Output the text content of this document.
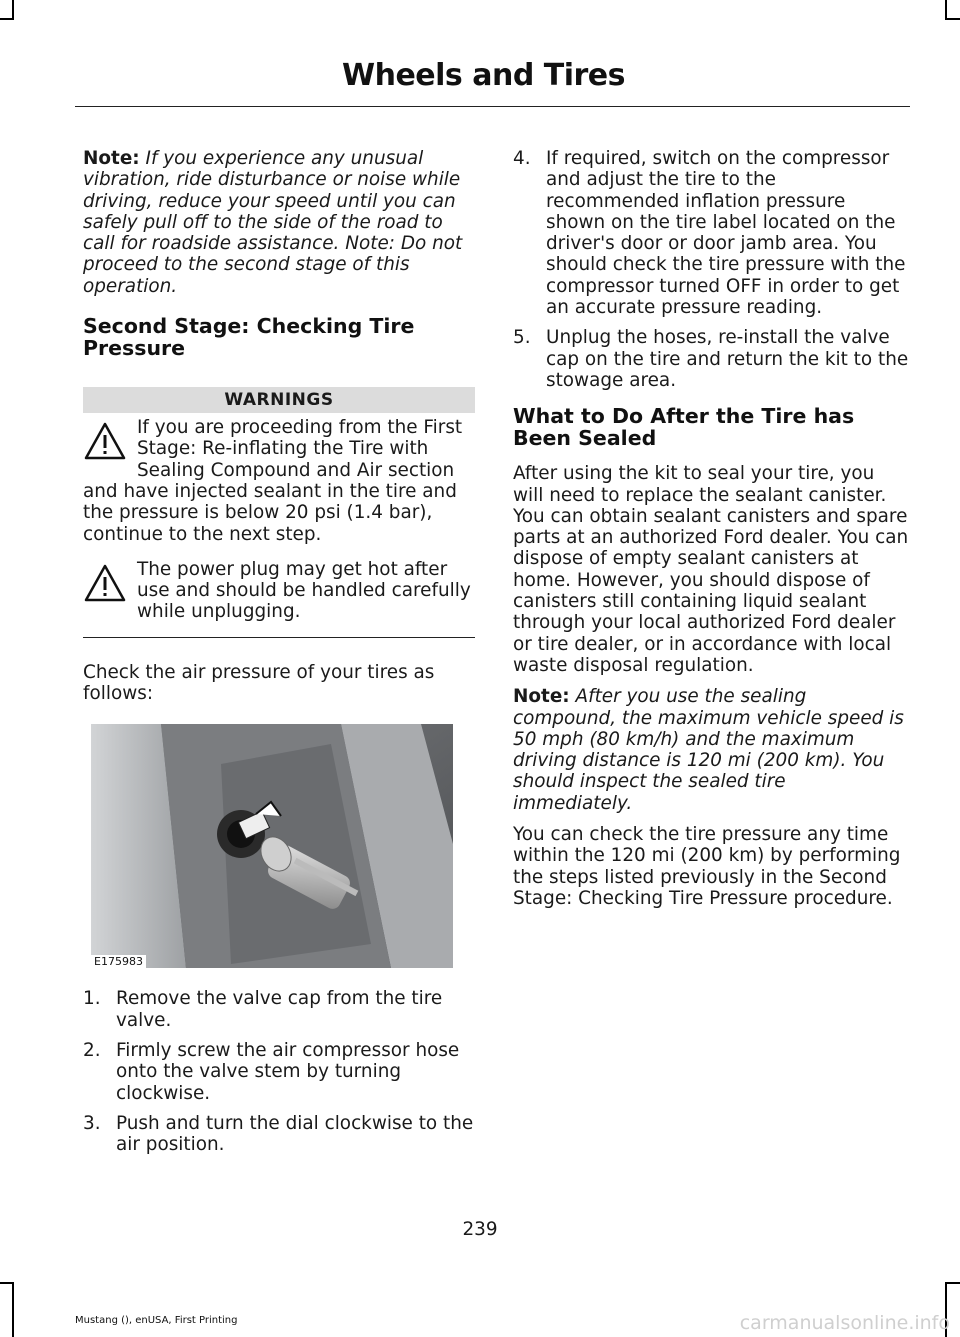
Wheels and Tires

Note: If you experience any unusual vibration, ride disturbance or noise while driving, reduce your speed until you can safely pull off to the side of the road to call for roadside assistance. Note: Do not proceed to the second stage of this operation.

Second Stage: Checking Tire Pressure
WARNINGS
If you are proceeding from the First Stage: Re-inflating the Tire with Sealing Compound and Air section and have injected sealant in the tire and the pressure is below 20 psi (1.4 bar), continue to the next step.
The power plug may get hot after use and should be handled carefully while unplugging.

Check the air pressure of your tires as follows:

E175983
1. Remove the valve cap from the tire valve.
2. Firmly screw the air compressor hose onto the valve stem by turning clockwise.
3. Push and turn the dial clockwise to the air position.
4. If required, switch on the compressor and adjust the tire to the recommended inflation pressure shown on the tire label located on the driver's door or door jamb area. You should check the tire pressure with the compressor turned OFF in order to get an accurate pressure reading.
5. Unplug the hoses, re-install the valve cap on the tire and return the kit to the stowage area.
What to Do After the Tire has Been Sealed

After using the kit to seal your tire, you will need to replace the sealant canister. You can obtain sealant canisters and spare parts at an authorized Ford dealer. You can dispose of empty sealant canisters at home. However, you should dispose of canisters still containing liquid sealant through your local authorized Ford dealer or tire dealer, or in accordance with local waste disposal regulation.

Note: After you use the sealing compound, the maximum vehicle speed is 50 mph (80 km/h) and the maximum driving distance is 120 mi (200 km). You should inspect the sealed tire immediately.

You can check the tire pressure any time within the 120 mi (200 km) by performing the steps listed previously in the Second Stage: Checking Tire Pressure procedure.

239
Mustang (), enUSA, First Printing	carmanualsonline.info
